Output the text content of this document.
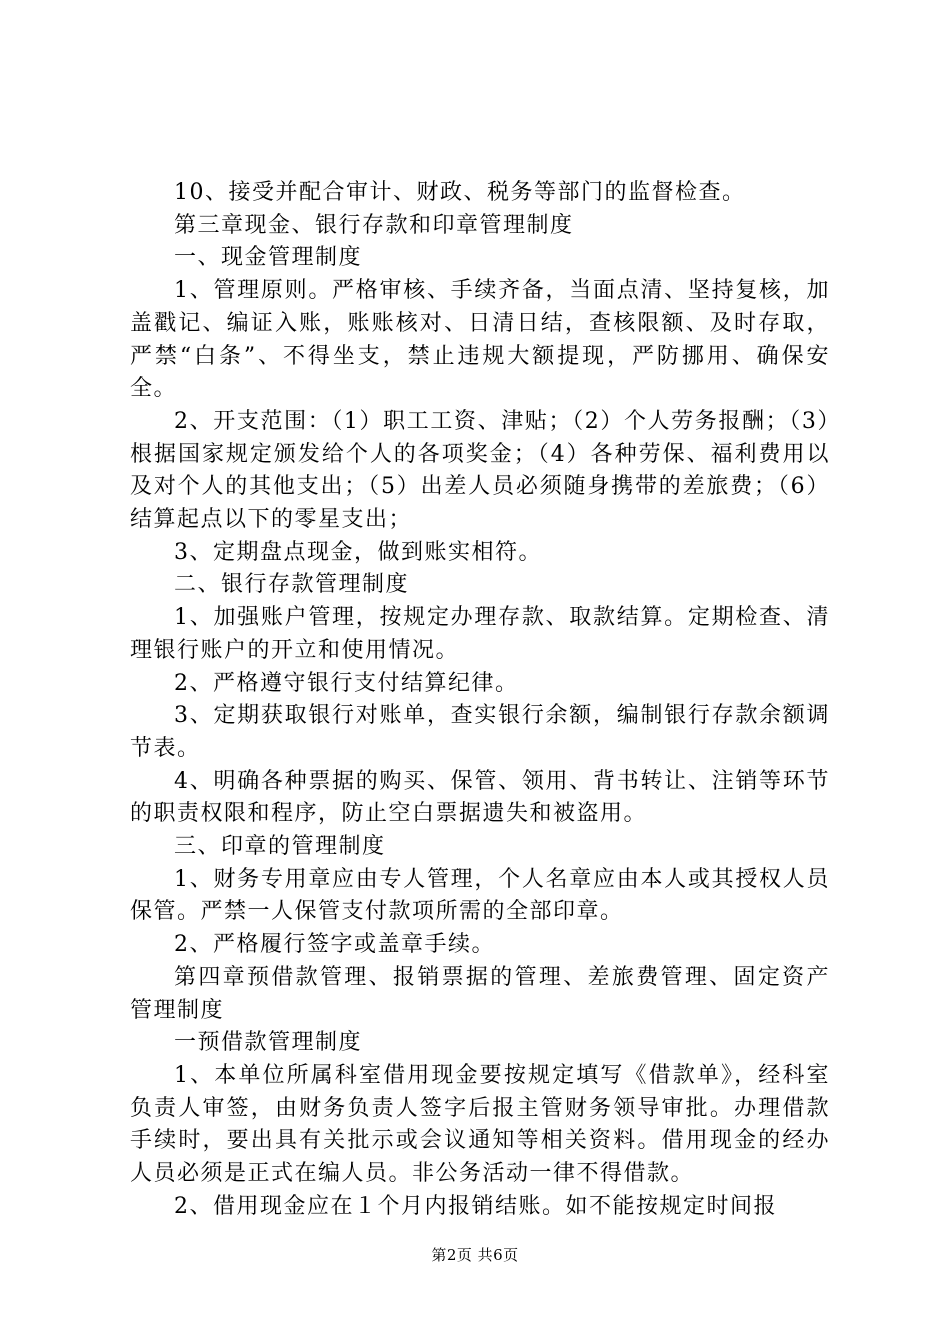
10、接受并配合审计、财政、税务等部门的监督检查。

第三章现金、银行存款和印章管理制度

一、现金管理制度

1、管理原则。严格审核、手续齐备，当面点清、坚持复核，加盖戳记、编证入账，账账核对、日清日结，查核限额、及时存取，严禁“白条”、不得坐支，禁止违规大额提现，严防挪用、确保安全。

2、开支范围：（1）职工工资、津贴；（2）个人劳务报酬；（3）根据国家规定颁发给个人的各项奖金；（4）各种劳保、福利费用以及对个人的其他支出；（5）出差人员必须随身携带的差旅费；（6）结算起点以下的零星支出；

3、定期盘点现金，做到账实相符。

二、银行存款管理制度

1、加强账户管理，按规定办理存款、取款结算。定期检查、清理银行账户的开立和使用情况。

2、严格遵守银行支付结算纪律。

3、定期获取银行对账单，查实银行余额，编制银行存款余额调节表。

4、明确各种票据的购买、保管、领用、背书转让、注销等环节的职责权限和程序，防止空白票据遗失和被盗用。

三、印章的管理制度

1、财务专用章应由专人管理，个人名章应由本人或其授权人员保管。严禁一人保管支付款项所需的全部印章。

2、严格履行签字或盖章手续。

第四章预借款管理、报销票据的管理、差旅费管理、固定资产管理制度

一预借款管理制度

1、本单位所属科室借用现金要按规定填写《借款单》，经科室负责人审签，由财务负责人签字后报主管财务领导审批。办理借款手续时，要出具有关批示或会议通知等相关资料。借用现金的经办人员必须是正式在编人员。非公务活动一律不得借款。

2、借用现金应在１个月内报销结账。如不能按规定时间报

第2页 共6页
